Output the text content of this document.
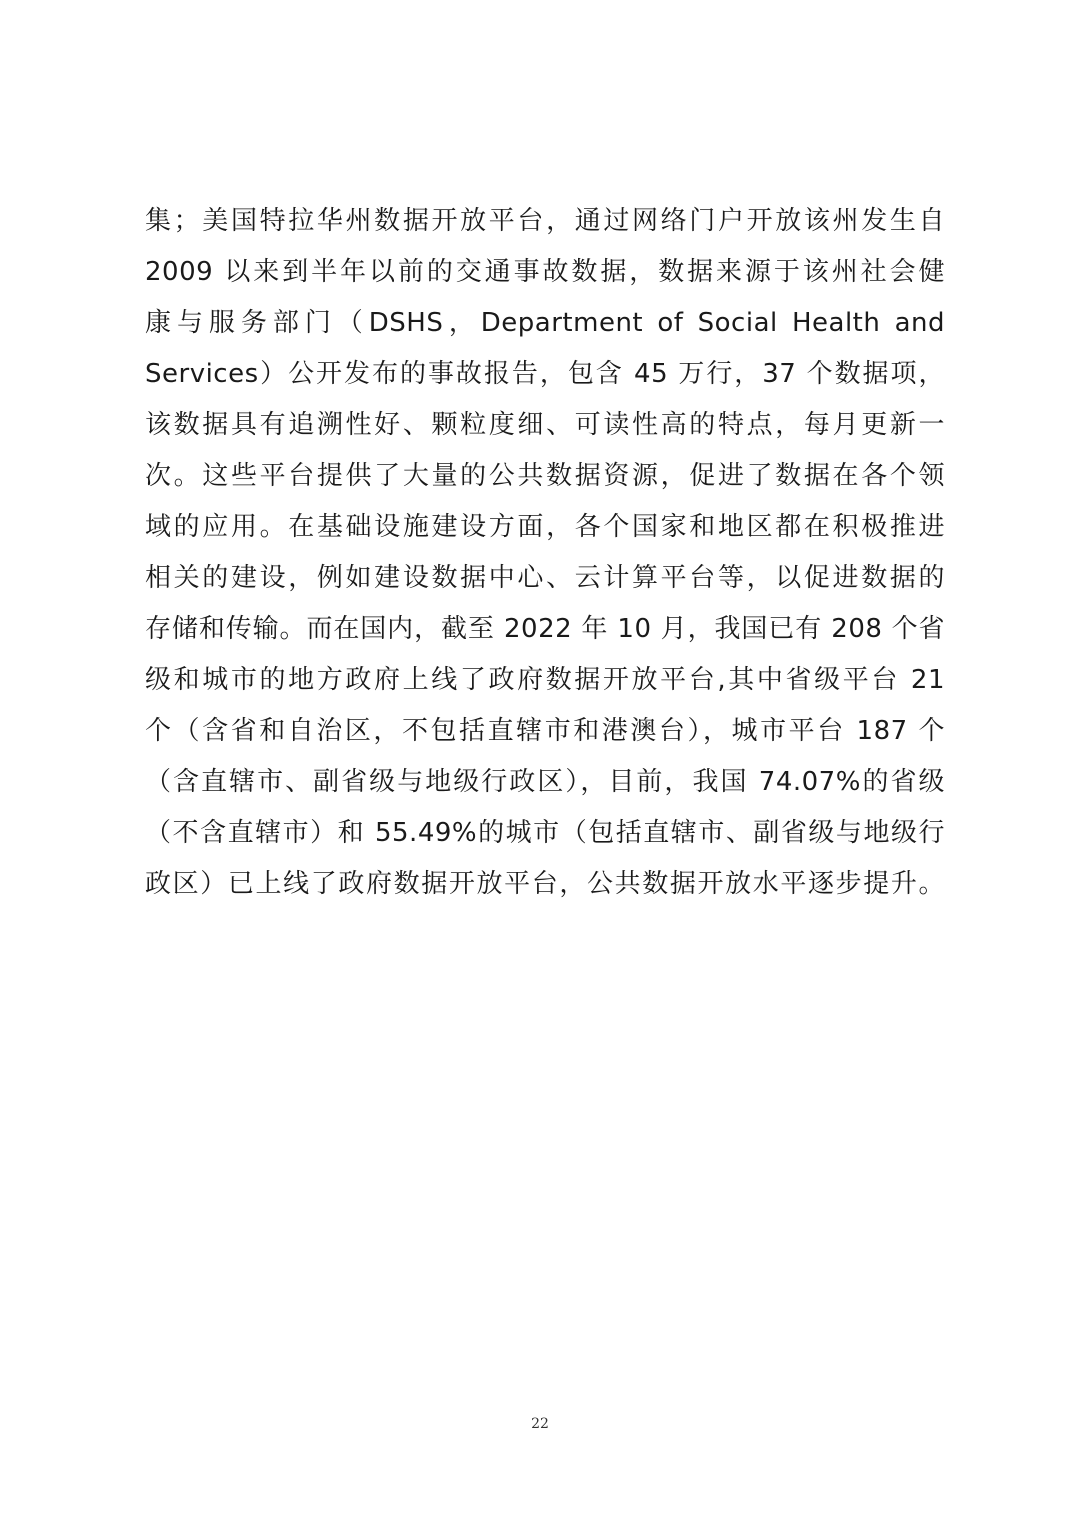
集；美国特拉华州数据开放平台，通过网络门户开放该州发生自
2009 以来到半年以前的交通事故数据，数据来源于该州社会健
康与服务部门（DSHS，Department of Social Health and
Services）公开发布的事故报告，包含 45 万行，37 个数据项，
该数据具有追溯性好、颗粒度细、可读性高的特点，每月更新一
次。这些平台提供了大量的公共数据资源，促进了数据在各个领
域的应用。在基础设施建设方面，各个国家和地区都在积极推进
相关的建设，例如建设数据中心、云计算平台等，以促进数据的
存储和传输。而在国内，截至 2022 年 10 月，我国已有 208 个省
级和城市的地方政府上线了政府数据开放平台,其中省级平台 21
个（含省和自治区，不包括直辖市和港澳台），城市平台 187 个
（含直辖市、副省级与地级行政区），目前，我国 74.07%的省级
（不含直辖市）和 55.49%的城市（包括直辖市、副省级与地级行
政区）已上线了政府数据开放平台，公共数据开放水平逐步提升。
22
